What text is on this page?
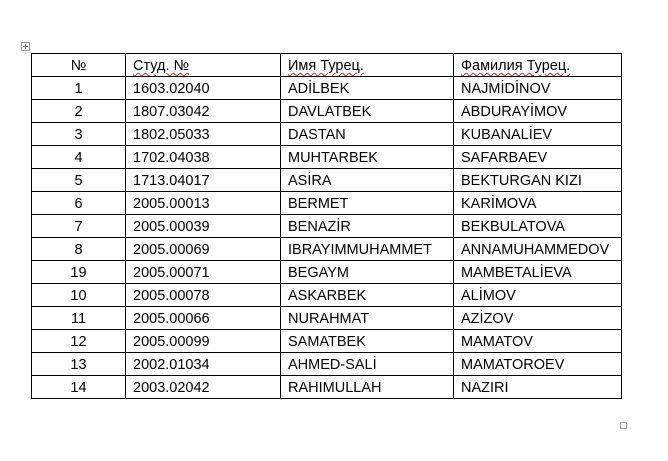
№	Студ. №	Имя Турец.	Фамилия Турец.
1	1603.02040	ADİLBEK	NAJMİDİNOV
2	1807.03042	DAVLATBEK	ABDURAYİMOV
3	1802.05033	DASTAN	KUBANALİEV
4	1702.04038	MUHTARBEK	SAFARBAEV
5	1713.04017	ASİRA	BEKTURGAN KIZI
6	2005.00013	BERMET	KARİMOVA
7	2005.00039	BENAZİR	BEKBULATOVA
8	2005.00069	IBRAYIMMUHAMMET	ANNAMUHAMMEDOV
19	2005.00071	BEGAYM	MAMBETALİEVA
10	2005.00078	ASKARBEK	ALİMOV
11	2005.00066	NURAHMAT	AZİZOV
12	2005.00099	SAMATBEK	MAMATOV
13	2002.01034	AHMED-SALİ	MAMATOROEV
14	2003.02042	RAHIMULLAH	NAZIRI
